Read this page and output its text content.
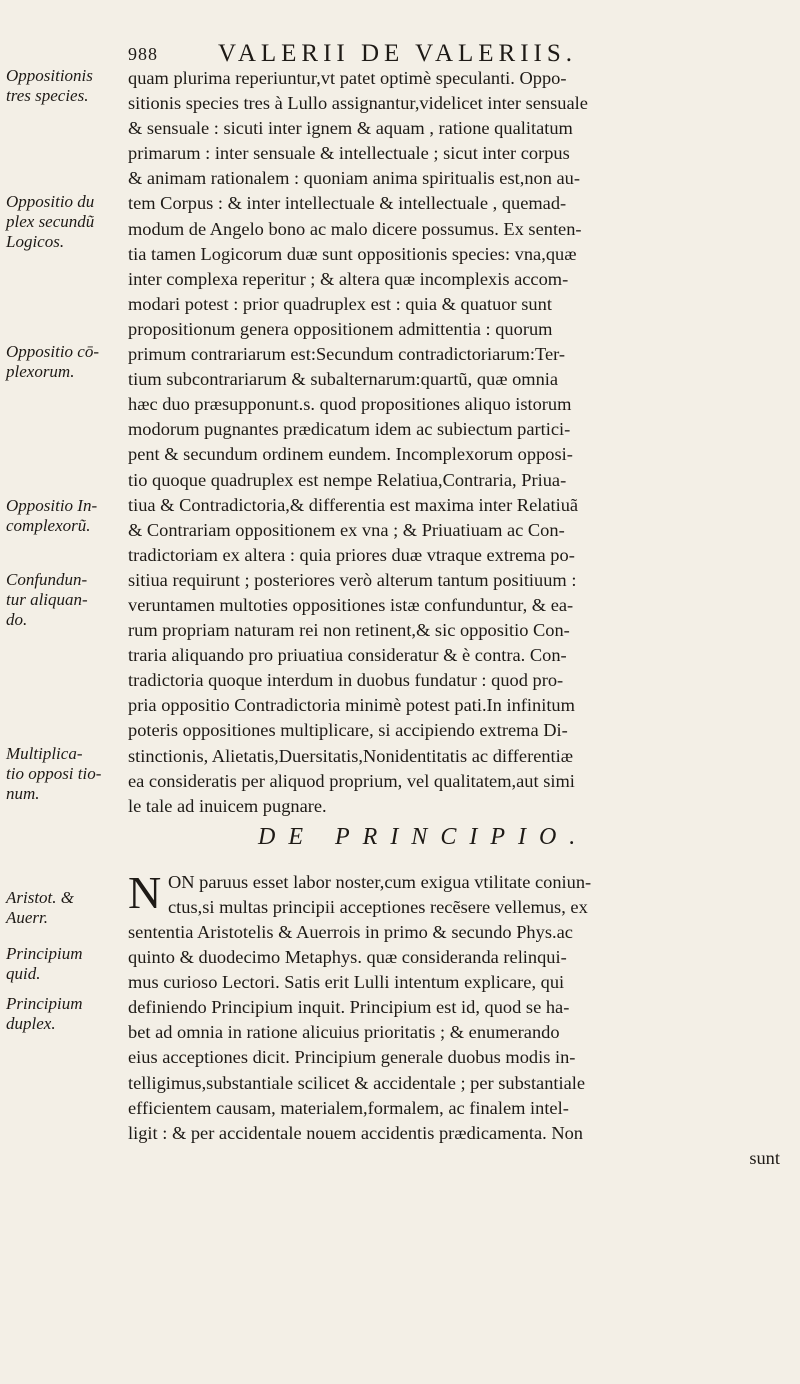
988 VALERII DE VALERIIS.
Oppositionis
tres species.
Oppositio du
plex secundũ
Logicos.
Oppositio cō-
plexorum.
Oppositio In-
complexorũ.
Confundun-
tur aliquan-
do.
Multiplica-
tio opposi tio-
num.
Aristot. &
Auerr.
Principium
quid.
Principium
duplex.
quam plurima reperiuntur,vt patet optimè speculanti. Oppo-
sitionis species tres à Lullo assignantur,videlicet inter sensuale
& sensuale : sicuti inter ignem & aquam , ratione qualitatum
primarum : inter sensuale & intellectuale ; sicut inter corpus
& animam rationalem : quoniam anima spiritualis est,non au-
tem Corpus : & inter intellectuale & intellectuale , quemad-
modum de Angelo bono ac malo dicere possumus. Ex senten-
tia tamen Logicorum duæ sunt oppositionis species: vna,quæ
inter complexa reperitur ; & altera quæ incomplexis accom-
modari potest : prior quadruplex est : quia & quatuor sunt
propositionum genera oppositionem admittentia : quorum
primum contrariarum est:Secundum contradictoriarum:Ter-
tium subcontrariarum & subalternarum:quartũ, quæ omnia
hæc duo præsupponunt.s. quod propositiones aliquo istorum
modorum pugnantes prædicatum idem ac subiectum partici-
pent & secundum ordinem eundem. Incomplexorum opposi-
tio quoque quadruplex est nempe Relatiua,Contraria, Priua-
tiua & Contradictoria,& differentia est maxima inter Relatiuã
& Contrariam oppositionem ex vna ; & Priuatiuam ac Con-
tradictoriam ex altera : quia priores duæ vtraque extrema po-
sitiua requirunt ; posteriores verò alterum tantum positiuum :
veruntamen multoties oppositiones istæ confunduntur, & ea-
rum propriam naturam rei non retinent,& sic oppositio Con-
traria aliquando pro priuatiua consideratur & è contra. Con-
tradictoria quoque interdum in duobus fundatur : quod pro-
pria oppositio Contradictoria minimè potest pati.In infinitum
poteris oppositiones multiplicare, si accipiendo extrema Di-
stinctionis, Alietatis,Duersitatis,Nonidentitatis ac differentiæ
ea consideratis per aliquod proprium, vel qualitatem,aut simi
le tale ad inuicem pugnare.
DE PRINCIPIO.
N ON paruus esset labor noster,cum exigua vtilitate coniun-
ctus,si multas principii acceptiones recẽsere vellemus, ex
sententia Aristotelis & Auerrois in primo & secundo Phys.ac
quinto & duodecimo Metaphys. quæ consideranda relinqui-
mus curioso Lectori. Satis erit Lulli intentum explicare, qui
definiendo Principium inquit. Principium est id, quod se ha-
bet ad omnia in ratione alicuius prioritatis ; & enumerando
eius acceptiones dicit. Principium generale duobus modis in-
telligimus,substantiale scilicet & accidentale ; per substantiale
efficientem causam, materialem,formalem, ac finalem intel-
ligit : & per accidentale nouem accidentis prædicamenta. Non
sunt
